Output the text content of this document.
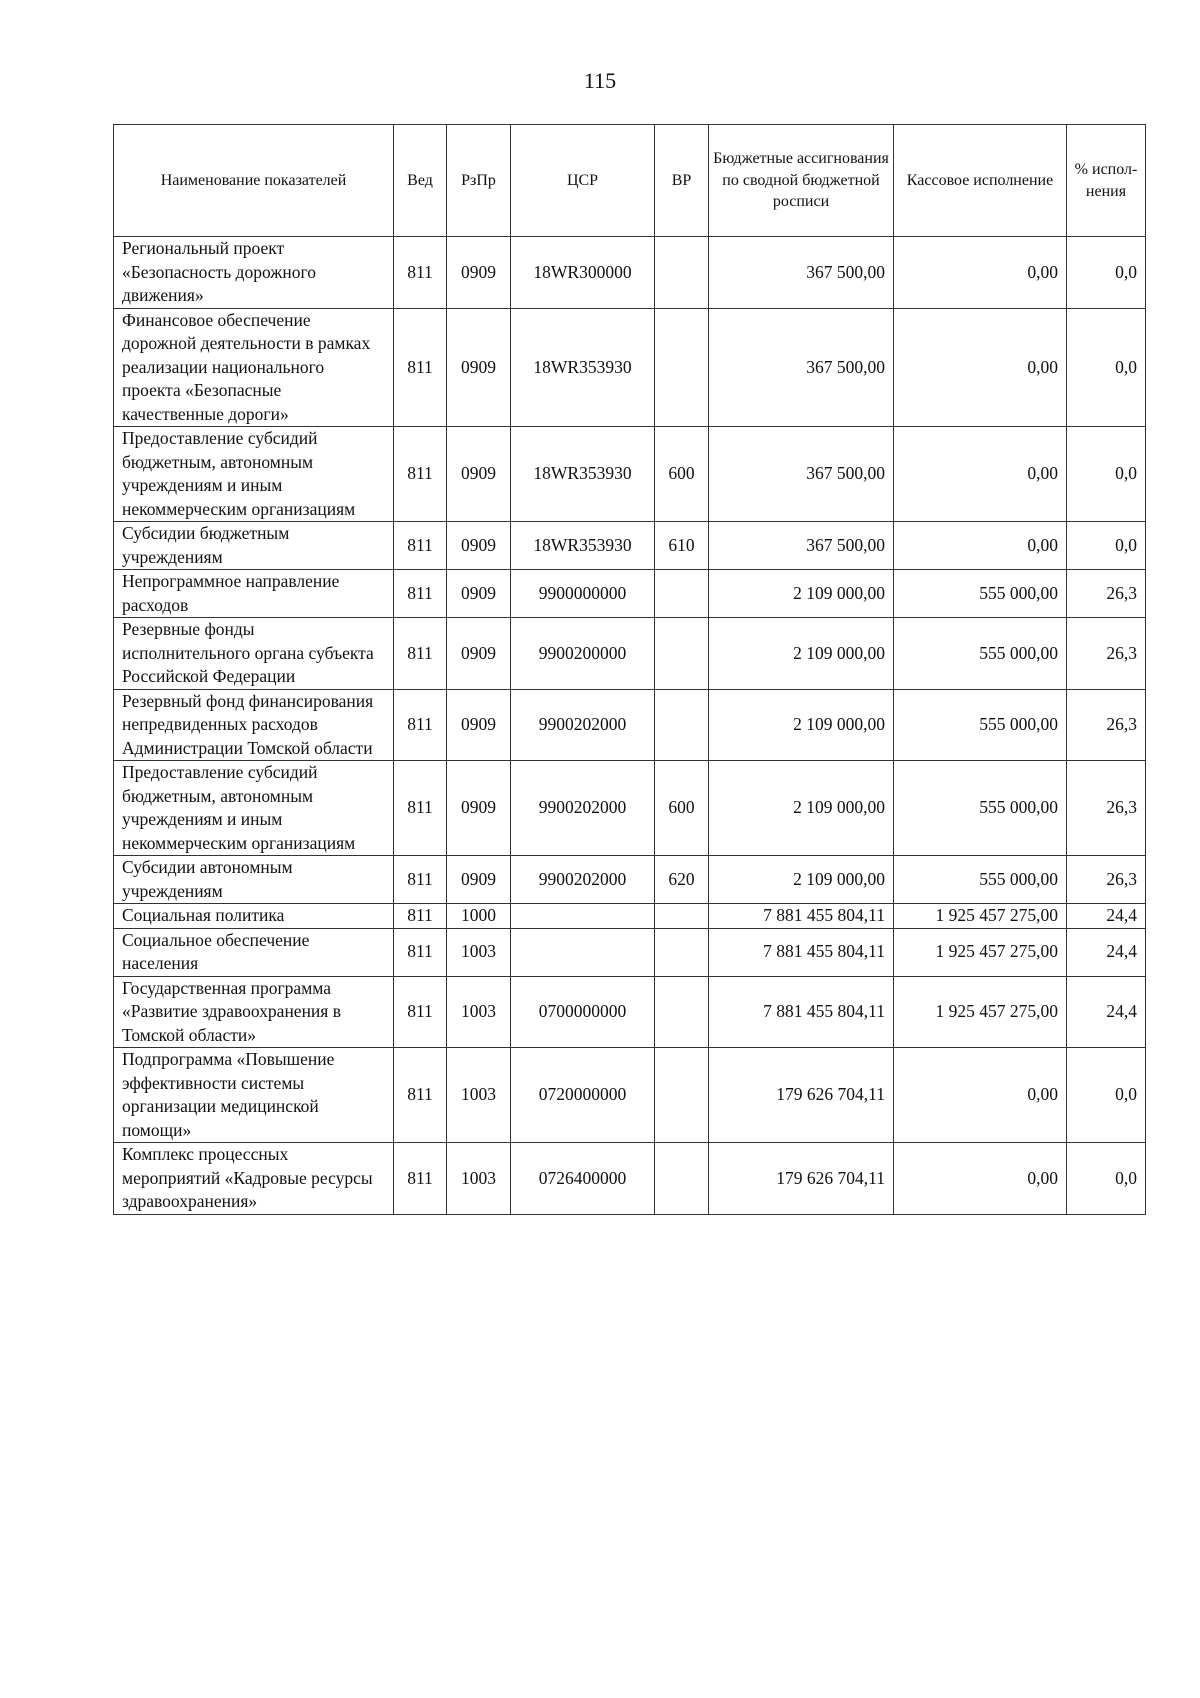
115
Наименование показателей	Вед	РзПр	ЦСР	ВР	Бюджетные ассигнования по сводной бюджетной росписи	Кассовое исполнение	% испол-нения
Региональный проект «Безопасность дорожного движения»	811	0909	18WR300000		367 500,00	0,00	0,0
Финансовое обеспечение дорожной деятельности в рамках реализации национального проекта «Безопасные качественные дороги»	811	0909	18WR353930		367 500,00	0,00	0,0
Предоставление субсидий бюджетным, автономным учреждениям и иным некоммерческим организациям	811	0909	18WR353930	600	367 500,00	0,00	0,0
Субсидии бюджетным учреждениям	811	0909	18WR353930	610	367 500,00	0,00	0,0
Непрограммное направление расходов	811	0909	9900000000		2 109 000,00	555 000,00	26,3
Резервные фонды исполнительного органа субъекта Российской Федерации	811	0909	9900200000		2 109 000,00	555 000,00	26,3
Резервный фонд финансирования непредвиденных расходов Администрации Томской области	811	0909	9900202000		2 109 000,00	555 000,00	26,3
Предоставление субсидий бюджетным, автономным учреждениям и иным некоммерческим организациям	811	0909	9900202000	600	2 109 000,00	555 000,00	26,3
Субсидии автономным учреждениям	811	0909	9900202000	620	2 109 000,00	555 000,00	26,3
Социальная политика	811	1000			7 881 455 804,11	1 925 457 275,00	24,4
Социальное обеспечение населения	811	1003			7 881 455 804,11	1 925 457 275,00	24,4
Государственная программа «Развитие здравоохранения в Томской области»	811	1003	0700000000		7 881 455 804,11	1 925 457 275,00	24,4
Подпрограмма «Повышение эффективности системы организации медицинской помощи»	811	1003	0720000000		179 626 704,11	0,00	0,0
Комплекс процессных мероприятий «Кадровые ресурсы здравоохранения»	811	1003	0726400000		179 626 704,11	0,00	0,0
